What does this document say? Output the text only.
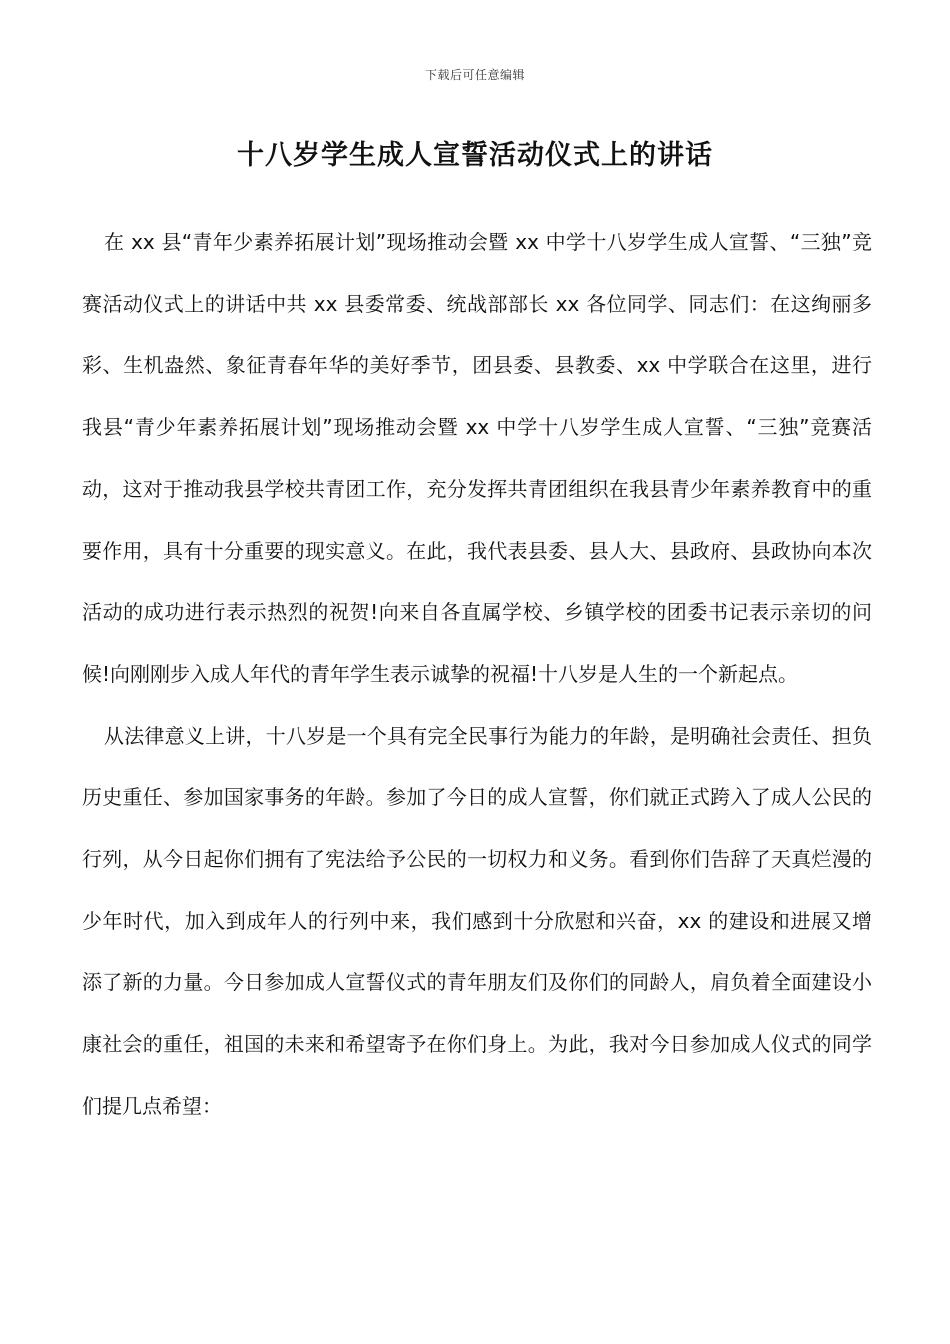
下载后可任意编辑
十八岁学生成人宣誓活动仪式上的讲话

在 xx 县“青年少素养拓展计划”现场推动会暨 xx 中学十八岁学生成人宣誓、“三独”竞赛活动仪式上的讲话中共 xx 县委常委、统战部部长 xx 各位同学、同志们：在这绚丽多彩、生机盎然、象征青春年华的美好季节，团县委、县教委、xx 中学联合在这里，进行我县“青少年素养拓展计划”现场推动会暨 xx 中学十八岁学生成人宣誓、“三独”竞赛活动，这对于推动我县学校共青团工作，充分发挥共青团组织在我县青少年素养教育中的重要作用，具有十分重要的现实意义。在此，我代表县委、县人大、县政府、县政协向本次活动的成功进行表示热烈的祝贺!向来自各直属学校、乡镇学校的团委书记表示亲切的问候!向刚刚步入成人年代的青年学生表示诚挚的祝福!十八岁是人生的一个新起点。

从法律意义上讲，十八岁是一个具有完全民事行为能力的年龄，是明确社会责任、担负历史重任、参加国家事务的年龄。参加了今日的成人宣誓，你们就正式跨入了成人公民的行列，从今日起你们拥有了宪法给予公民的一切权力和义务。看到你们告辞了天真烂漫的少年时代，加入到成年人的行列中来，我们感到十分欣慰和兴奋，xx 的建设和进展又增添了新的力量。今日参加成人宣誓仪式的青年朋友们及你们的同龄人，肩负着全面建设小康社会的重任，祖国的未来和希望寄予在你们身上。为此，我对今日参加成人仪式的同学们提几点希望：
